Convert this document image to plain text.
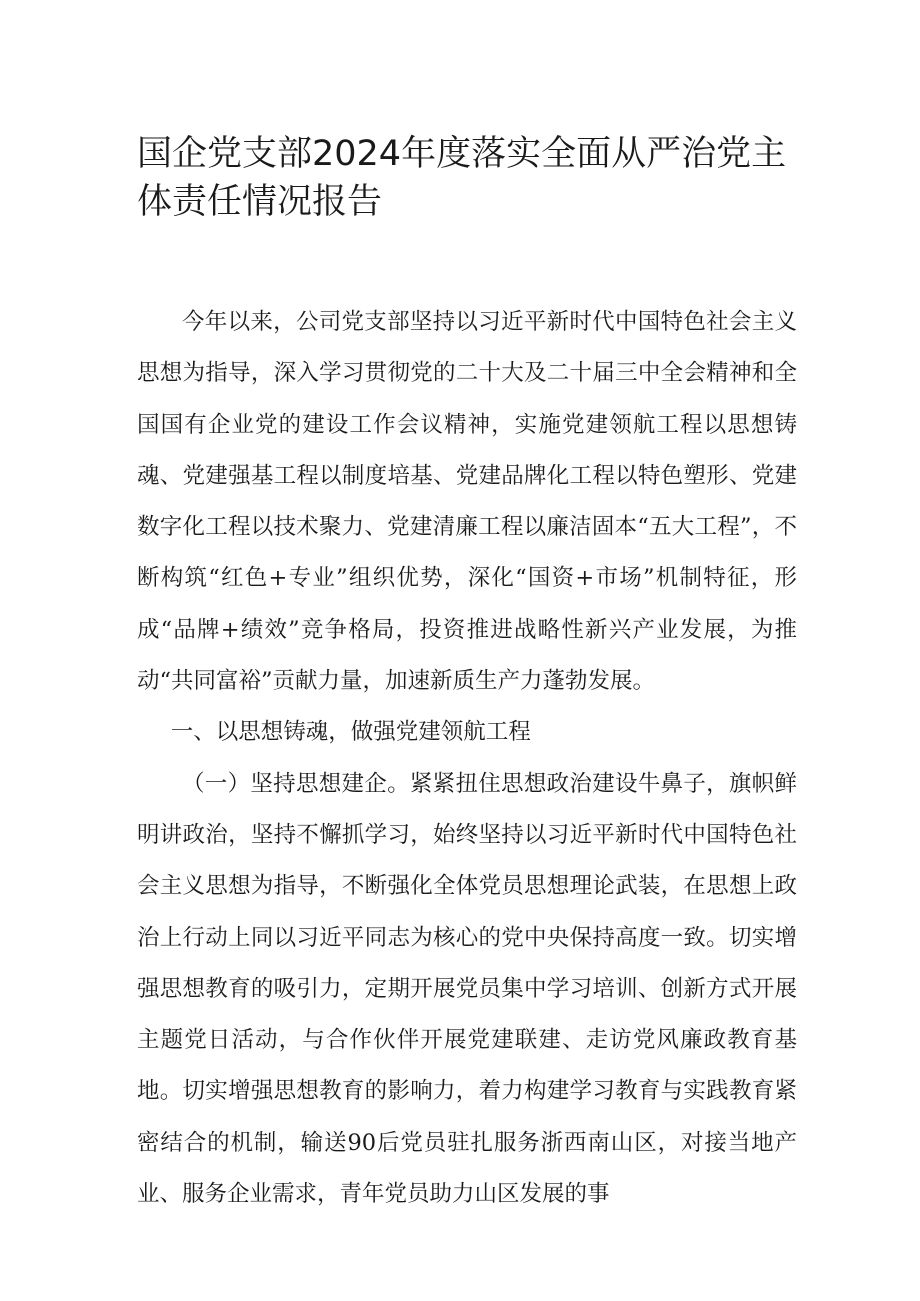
国企党支部2024年度落实全面从严治党主体责任情况报告

今年以来，公司党支部坚持以习近平新时代中国特色社会主义思想为指导，深入学习贯彻党的二十大及二十届三中全会精神和全国国有企业党的建设工作会议精神，实施党建领航工程以思想铸魂、党建强基工程以制度培基、党建品牌化工程以特色塑形、党建数字化工程以技术聚力、党建清廉工程以廉洁固本“五大工程”，不断构筑“红色+专业”组织优势，深化“国资+市场”机制特征，形成“品牌+绩效”竞争格局，投资推进战略性新兴产业发展，为推动“共同富裕”贡献力量，加速新质生产力蓬勃发展。

一、以思想铸魂，做强党建领航工程

（一）坚持思想建企。紧紧扭住思想政治建设牛鼻子，旗帜鲜明讲政治，坚持不懈抓学习，始终坚持以习近平新时代中国特色社会主义思想为指导，不断强化全体党员思想理论武装，在思想上政治上行动上同以习近平同志为核心的党中央保持高度一致。切实增强思想教育的吸引力，定期开展党员集中学习培训、创新方式开展主题党日活动，与合作伙伴开展党建联建、走访党风廉政教育基地。切实增强思想教育的影响力，着力构建学习教育与实践教育紧密结合的机制，输送90后党员驻扎服务浙西南山区，对接当地产业、服务企业需求，青年党员助力山区发展的事
